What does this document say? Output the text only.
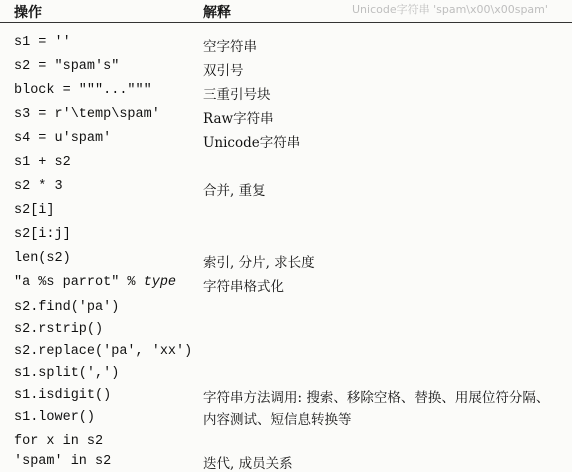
操作	解释	Unicode字符串 'spam\x00\x00spam'
s1 = ''	空字符串
s2 = "spam's"	双引号
block = """..."""	三重引号块
s3 = r'\temp\spam'	Raw字符串
s4 = u'spam'	Unicode字符串
s1 + s2
s2 * 3	合并, 重复
s2[i]
s2[i:j]
len(s2)	索引, 分片, 求长度
"a %s parrot" % type 字符串格式化
s2.find('pa')
s2.rstrip()
s2.replace('pa', 'xx')
s1.split(',')
s1.isdigit()	字符串方法调用: 搜索、移除空格、替换、用展位符分隔、
s1.lower()	内容测试、短信息转换等
for x in s2
'spam' in s2	迭代, 成员关系
